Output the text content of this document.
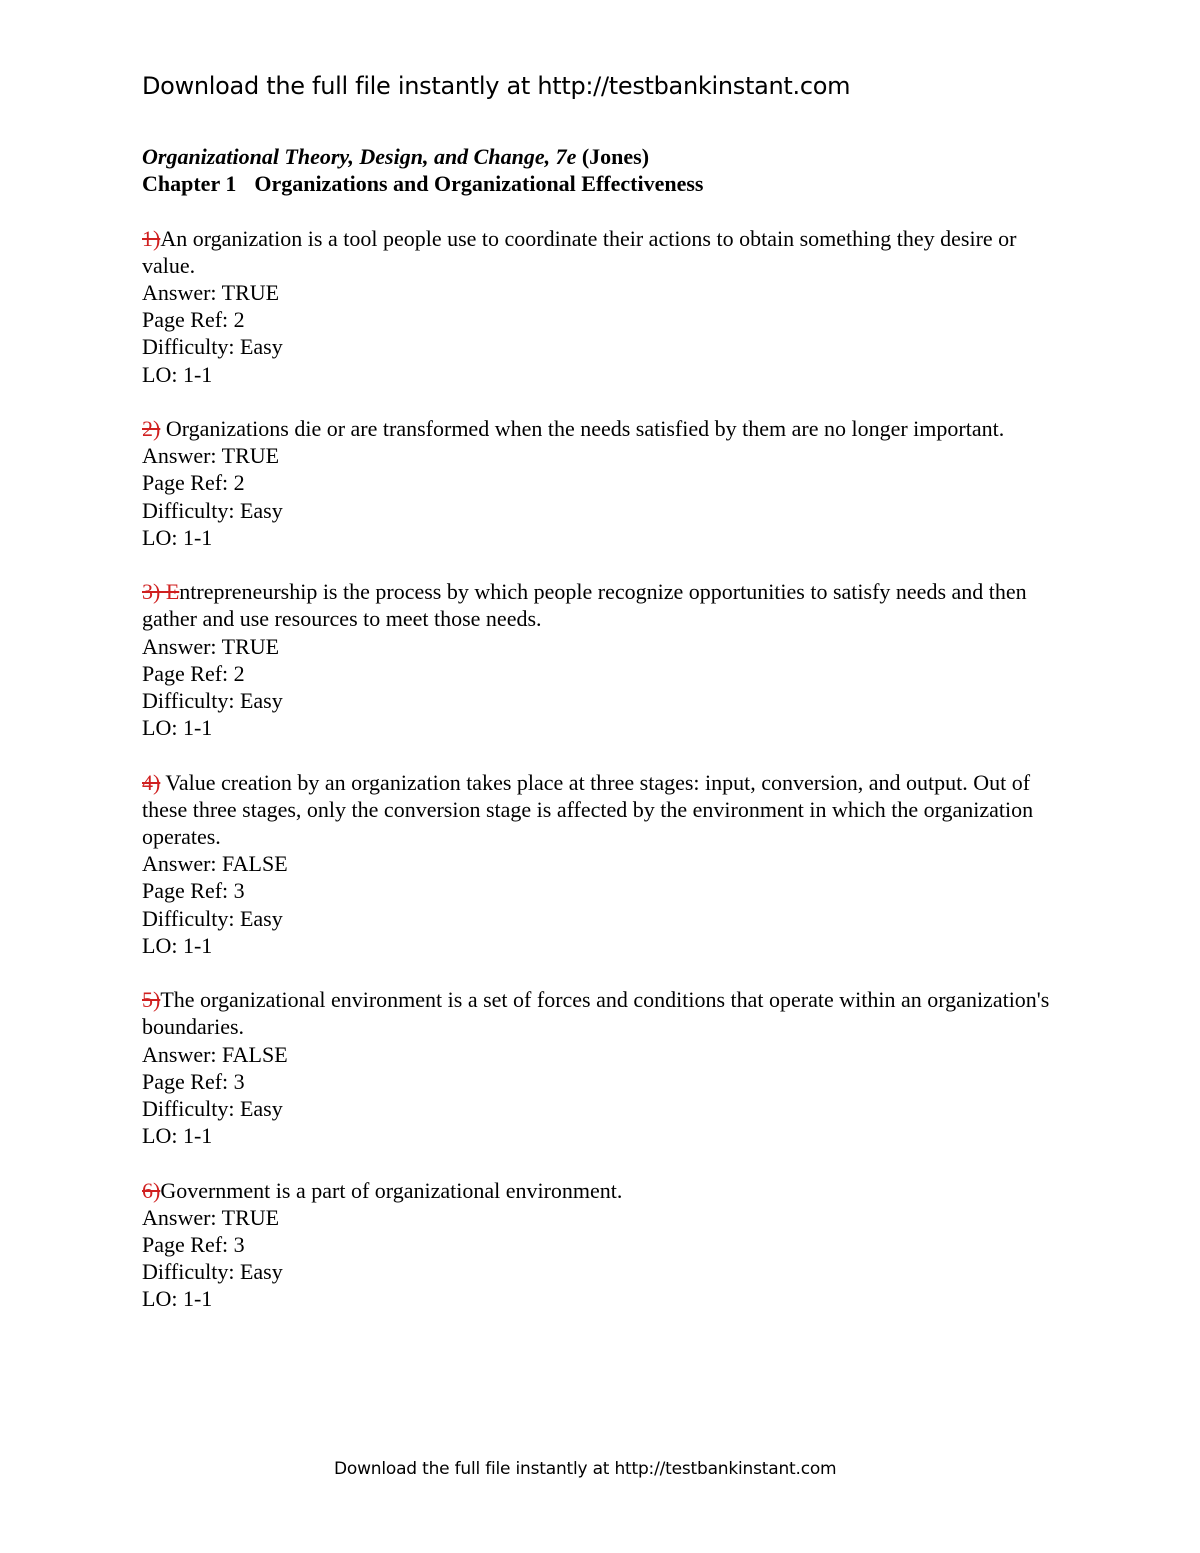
Download the full file instantly at http://testbankinstant.com
Organizational Theory, Design, and Change, 7e (Jones)
Chapter 1 Organizations and Organizational Effectiveness
1)An organization is a tool people use to coordinate their actions to obtain something they desire or value.
Answer: TRUE
Page Ref: 2
Difficulty: Easy
LO: 1-1
2) Organizations die or are transformed when the needs satisfied by them are no longer important.
Answer: TRUE
Page Ref: 2
Difficulty: Easy
LO: 1-1
3) Entrepreneurship is the process by which people recognize opportunities to satisfy needs and then gather and use resources to meet those needs.
Answer: TRUE
Page Ref: 2
Difficulty: Easy
LO: 1-1
4) Value creation by an organization takes place at three stages: input, conversion, and output. Out of these three stages, only the conversion stage is affected by the environment in which the organization operates.
Answer: FALSE
Page Ref: 3
Difficulty: Easy
LO: 1-1
5)The organizational environment is a set of forces and conditions that operate within an organization's boundaries.
Answer: FALSE
Page Ref: 3
Difficulty: Easy
LO: 1-1
6)Government is a part of organizational environment.
Answer: TRUE
Page Ref: 3
Difficulty: Easy
LO: 1-1
Download the full file instantly at http://testbankinstant.com
